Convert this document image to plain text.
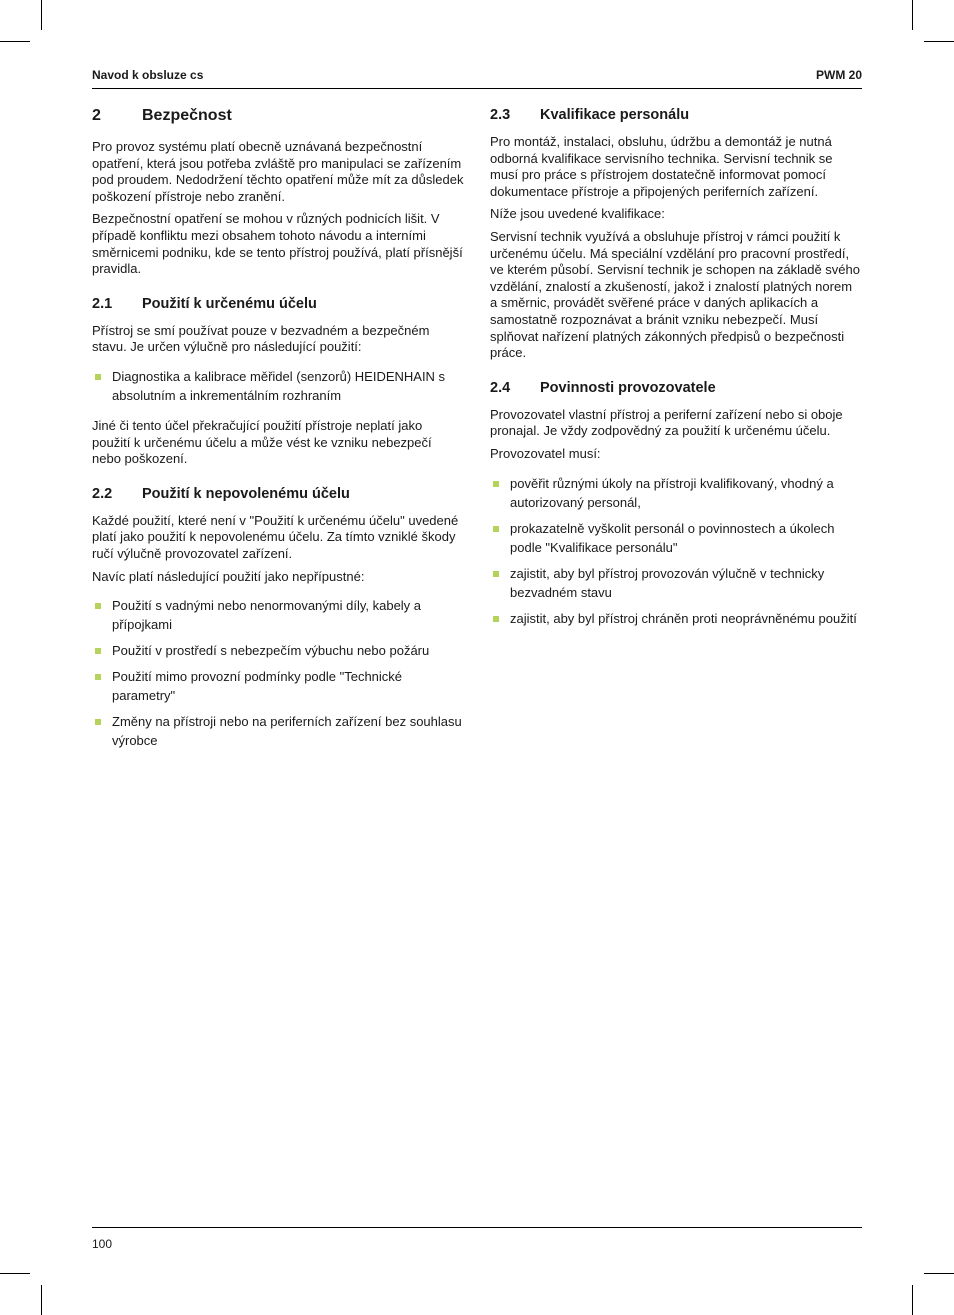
Navod k obsluze cs	PWM 20
2	Bezpečnost

Pro provoz systému platí obecně uznávaná bezpečnostní opatření, která jsou potřeba zvláště pro manipulaci se zařízením pod proudem. Nedodržení těchto opatření může mít za důsledek poškození přístroje nebo zranění.

Bezpečnostní opatření se mohou v různých podnicích lišit. V případě konfliktu mezi obsahem tohoto návodu a interními směrnicemi podniku, kde se tento přístroj používá, platí přísnější pravidla.

2.1 Použití k určenému účelu

Přístroj se smí používat pouze v bezvadném a bezpečném stavu. Je určen výlučně pro následující použití:

Diagnostika a kalibrace měřidel (senzorů) HEIDENHAIN s absolutním a inkrementálním rozhraním

Jiné či tento účel překračující použití přístroje neplatí jako použití k určenému účelu a může vést ke vzniku nebezpečí nebo poškození.

2.2 Použití k nepovolenému účelu

Každé použití, které není v "Použití k určenému účelu" uvedené platí jako použití k nepovolenému účelu. Za tímto vzniklé škody ručí výlučně provozovatel zařízení.

Navíc platí následující použití jako nepřípustné:

Použití s vadnými nebo nenormovanými díly, kabely a přípojkami
Použití v prostředí s nebezpečím výbuchu nebo požáru
Použití mimo provozní podmínky podle "Technické parametry"
Změny na přístroji nebo na periferních zařízení bez souhlasu výrobce
2.3 Kvalifikace personálu

Pro montáž, instalaci, obsluhu, údržbu a demontáž je nutná odborná kvalifikace servisního technika. Servisní technik se musí pro práce s přístrojem dostatečně informovat pomocí dokumentace přístroje a připojených periferních zařízení.

Níže jsou uvedené kvalifikace:

Servisní technik využívá a obsluhuje přístroj v rámci použití k určenému účelu. Má speciální vzdělání pro pracovní prostředí, ve kterém působí. Servisní technik je schopen na základě svého vzdělání, znalostí a zkušeností, jakož i znalostí platných norem a směrnic, provádět svěřené práce v daných aplikacích a samostatně rozpoznávat a bránit vzniku nebezpečí. Musí splňovat nařízení platných zákonných předpisů o bezpečnosti práce.

2.4 Povinnosti provozovatele

Provozovatel vlastní přístroj a periferní zařízení nebo si oboje pronajal. Je vždy zodpovědný za použití k určenému účelu.

Provozovatel musí:

pověřit různými úkoly na přístroji kvalifikovaný, vhodný a autorizovaný personál,
prokazatelně vyškolit personál o povinnostech a úkolech podle "Kvalifikace personálu"
zajistit, aby byl přístroj provozován výlučně v technicky bezvadném stavu
zajistit, aby byl přístroj chráněn proti neoprávněnému použití
100
